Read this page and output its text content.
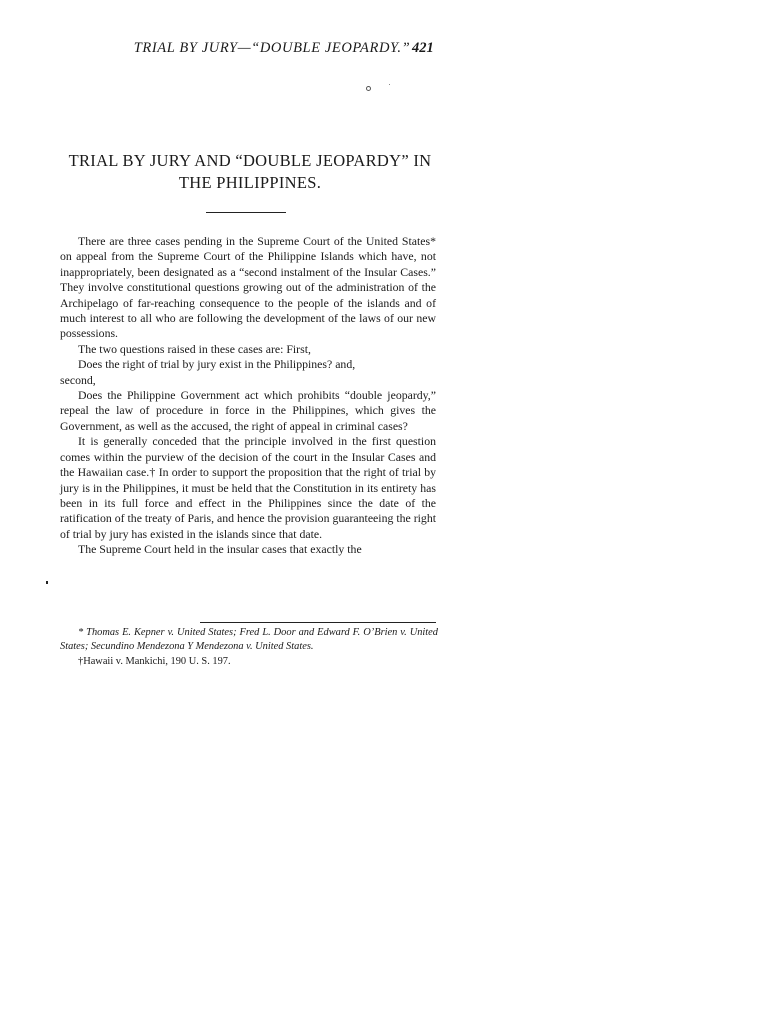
TRIAL BY JURY—“DOUBLE JEOPARDY.” 421
TRIAL BY JURY AND “DOUBLE JEOPARDY” IN THE PHILIPPINES.

There are three cases pending in the Supreme Court of the United States* on appeal from the Supreme Court of the Philippine Islands which have, not inappropriately, been designated as a “second instalment of the Insular Cases.” They involve constitutional questions growing out of the administration of the Archipelago of far-reaching consequence to the people of the islands and of much interest to all who are following the development of the laws of our new possessions.

The two questions raised in these cases are: First,

Does the right of trial by jury exist in the Philippines? and,

second,

Does the Philippine Government act which prohibits “double jeopardy,” repeal the law of procedure in force in the Philippines, which gives the Government, as well as the accused, the right of appeal in criminal cases?

It is generally conceded that the principle involved in the first question comes within the purview of the decision of the court in the Insular Cases and the Hawaiian case.† In order to support the proposition that the right of trial by jury is in the Philippines, it must be held that the Constitution in its entirety has been in its full force and effect in the Philippines since the date of the ratification of the treaty of Paris, and hence the provision guaranteeing the right of trial by jury has existed in the islands since that date.

The Supreme Court held in the insular cases that exactly the

* Thomas E. Kepner v. United States; Fred L. Door and Edward F. O’Brien v. United States; Secundino Mendezona Y Mendezona v. United States.

†Hawaii v. Mankichi, 190 U. S. 197.
